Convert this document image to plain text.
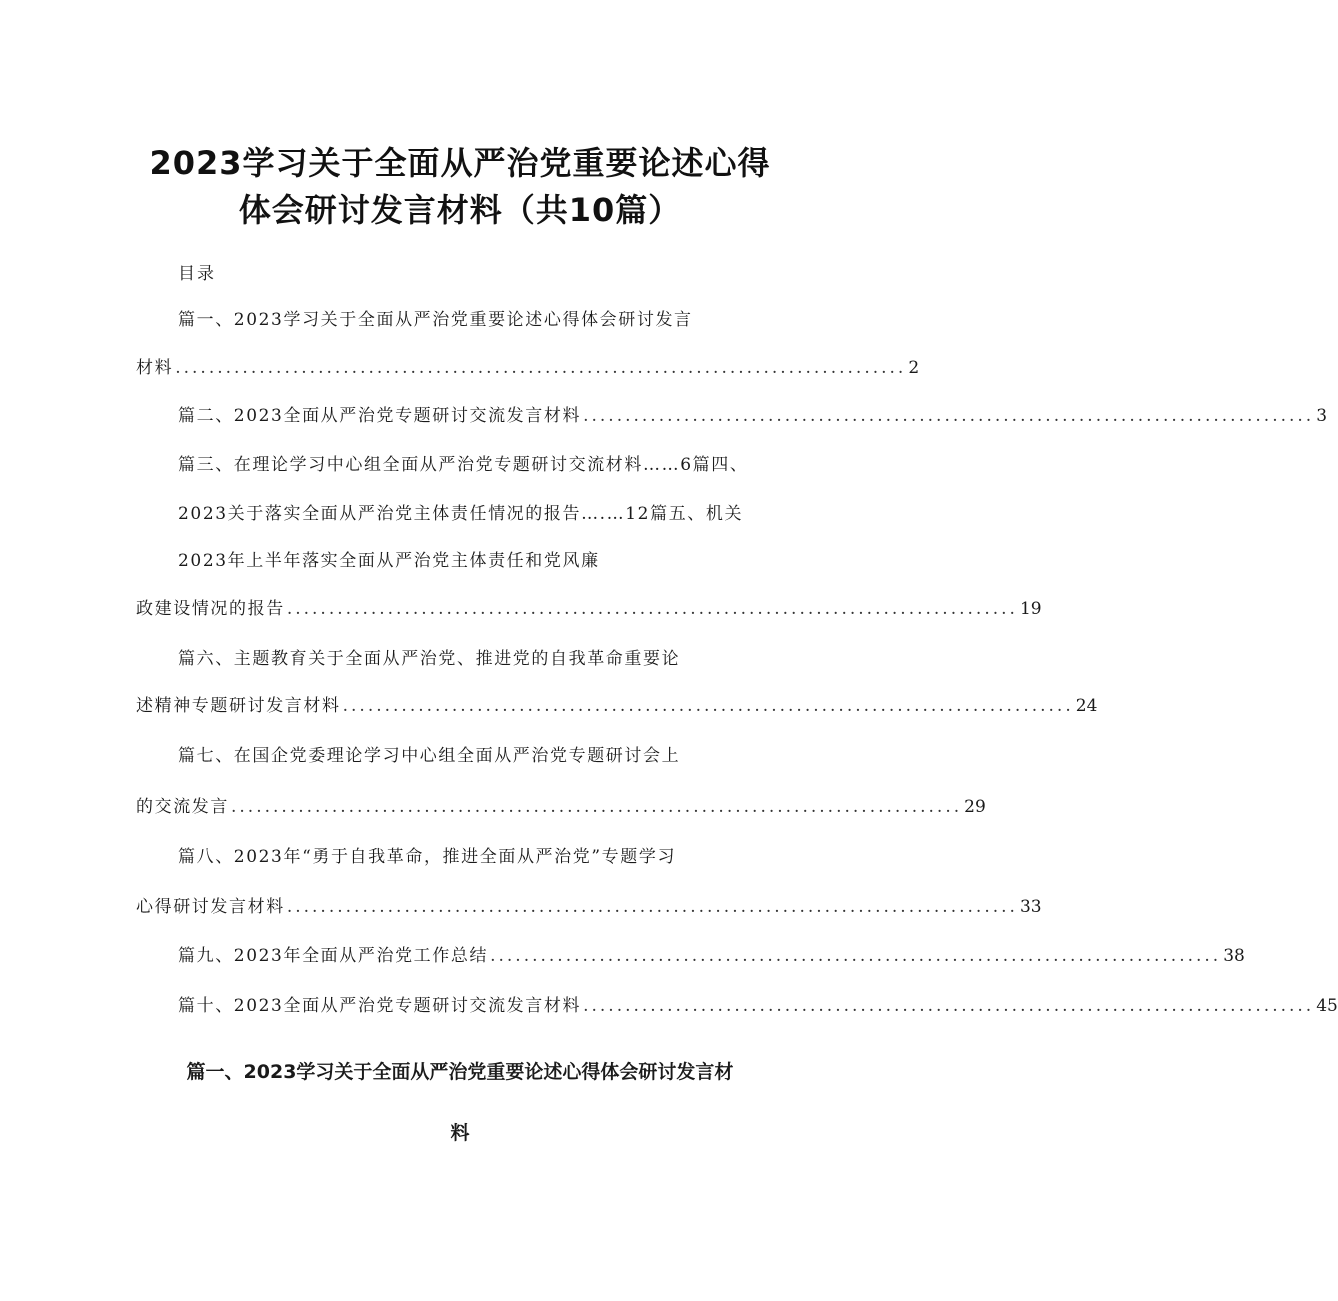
2023学习关于全面从严治党重要论述心得
体会研讨发言材料（共10篇）
目录
篇一、2023学习关于全面从严治党重要论述心得体会研讨发言
材料 ....................................................................................... 2
篇二、2023全面从严治党专题研讨交流发言材料 ....................................................................................... 3
篇三、在理论学习中心组全面从严治党专题研讨交流材料……6篇四、
2023关于落实全面从严治党主体责任情况的报告….…12篇五、机关
2023年上半年落实全面从严治党主体责任和党风廉
政建设情况的报告 ....................................................................................... 19
篇六、主题教育关于全面从严治党、推进党的自我革命重要论
述精神专题研讨发言材料 ....................................................................................... 24
篇七、在国企党委理论学习中心组全面从严治党专题研讨会上
的交流发言 ....................................................................................... 29
篇八、2023年“勇于自我革命，推进全面从严治党”专题学习
心得研讨发言材料 ....................................................................................... 33
篇九、2023年全面从严治党工作总结 ....................................................................................... 38
篇十、2023全面从严治党专题研讨交流发言材料 ....................................................................................... 45
篇一、2023学习关于全面从严治党重要论述心得体会研讨发言材
料
